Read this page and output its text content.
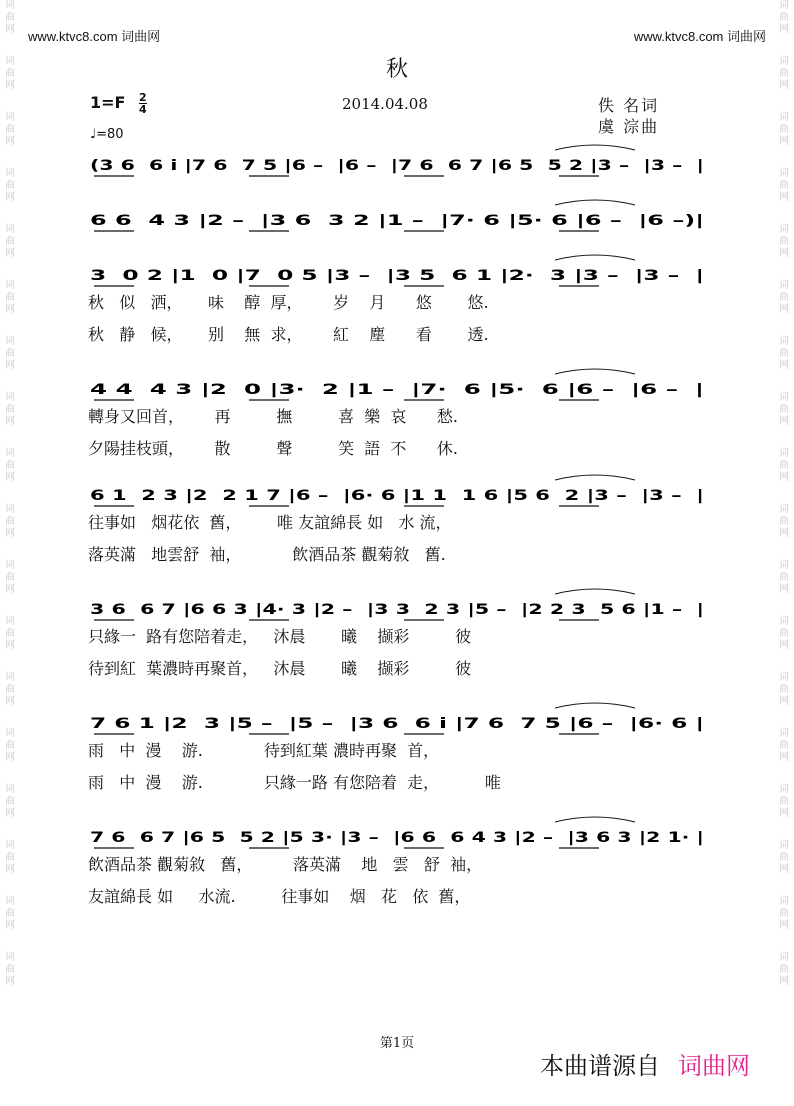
词
曲
网
词
曲
网
词
曲
网
词
曲
网
词
曲
网
词
曲
网
词
曲
网
词
曲
网
词
曲
网
词
曲
网
词
曲
网
词
曲
网
词
曲
网
词
曲
网
词
曲
网
词
曲
网
词
曲
网
词
曲
网
词
曲
网
词
曲
网
词
曲
网
词
曲
网
词
曲
网
词
曲
网
词
曲
网
词
曲
网
词
曲
网
词
曲
网
词
曲
网
词
曲
网
词
曲
网
词
曲
网
词
曲
网
词
曲
网
词
曲
网
词
曲
网
www.ktvc8.com 词曲网	www.ktvc8.com 词曲网
秋
$1=F \frac{2}{4}$	2014.04.08	佚 名词
虞 淙曲
♩=80
(3 6  6 i |7 6  7 5 |6 –  |6 –  |7 6  6 7 |6 5  5 2 |3 –  |3 –  |
6 6  4 3 |2 –  |3 6  3 2 |1 –  |7· 6 |5· 6 |6 –  |6 –)|
3  0 2 |1  0 |7  0 5 |3 –  |3 5  6 1 |2·  3 |3 –  |3 –  |
秋   似   洒，     味    醇  厚，      岁    月      悠       悠.
秋   静   候，     别    無  求，      紅    塵      看       透.
4 4  4 3 |2  0 |3·  2 |1 –  |7·  6 |5·  6 |6 –  |6 –  |
轉身又回首，      再         撫         喜  樂  哀      愁.
夕陽挂枝頭，      散         聲         笑  語  不      休.
6 1  2 3 |2  2 1 7 |6 –  |6· 6 |1 1  1 6 |5 6  2 |3 –  |3 –  |
往事如   烟花依  舊，       唯 友誼綿長 如   水 流，
落英滿   地雲舒  袖，          飲酒品茶 觀菊敘   舊.
3 6  6 7 |6 6 3 |4· 3 |2 –  |3 3  2 3 |5 –  |2 2 3  5 6 |1 –  |
只緣一  路有您陪着走，   沐晨       曦    撷彩         彼
待到紅  葉濃時再聚首，   沐晨       曦    撷彩         彼
7 6 1 |2  3 |5 –  |5 –  |3 6  6 i |7 6  7 5 |6 –  |6· 6 |
雨   中  漫    游.            待到紅葉 濃時再聚  首，
雨   中  漫    游.            只緣一路 有您陪着  走，         唯
7 6  6 7 |6 5  5 2 |5 3· |3 –  |6 6  6 4 3 |2 –  |3 6 3 |2 1· |
飲酒品茶 觀菊敘   舊，        落英滿    地   雲   舒  袖，
友誼綿長 如     水流.         往事如    烟   花   依  舊，
第1页
本曲谱源自 词曲网
